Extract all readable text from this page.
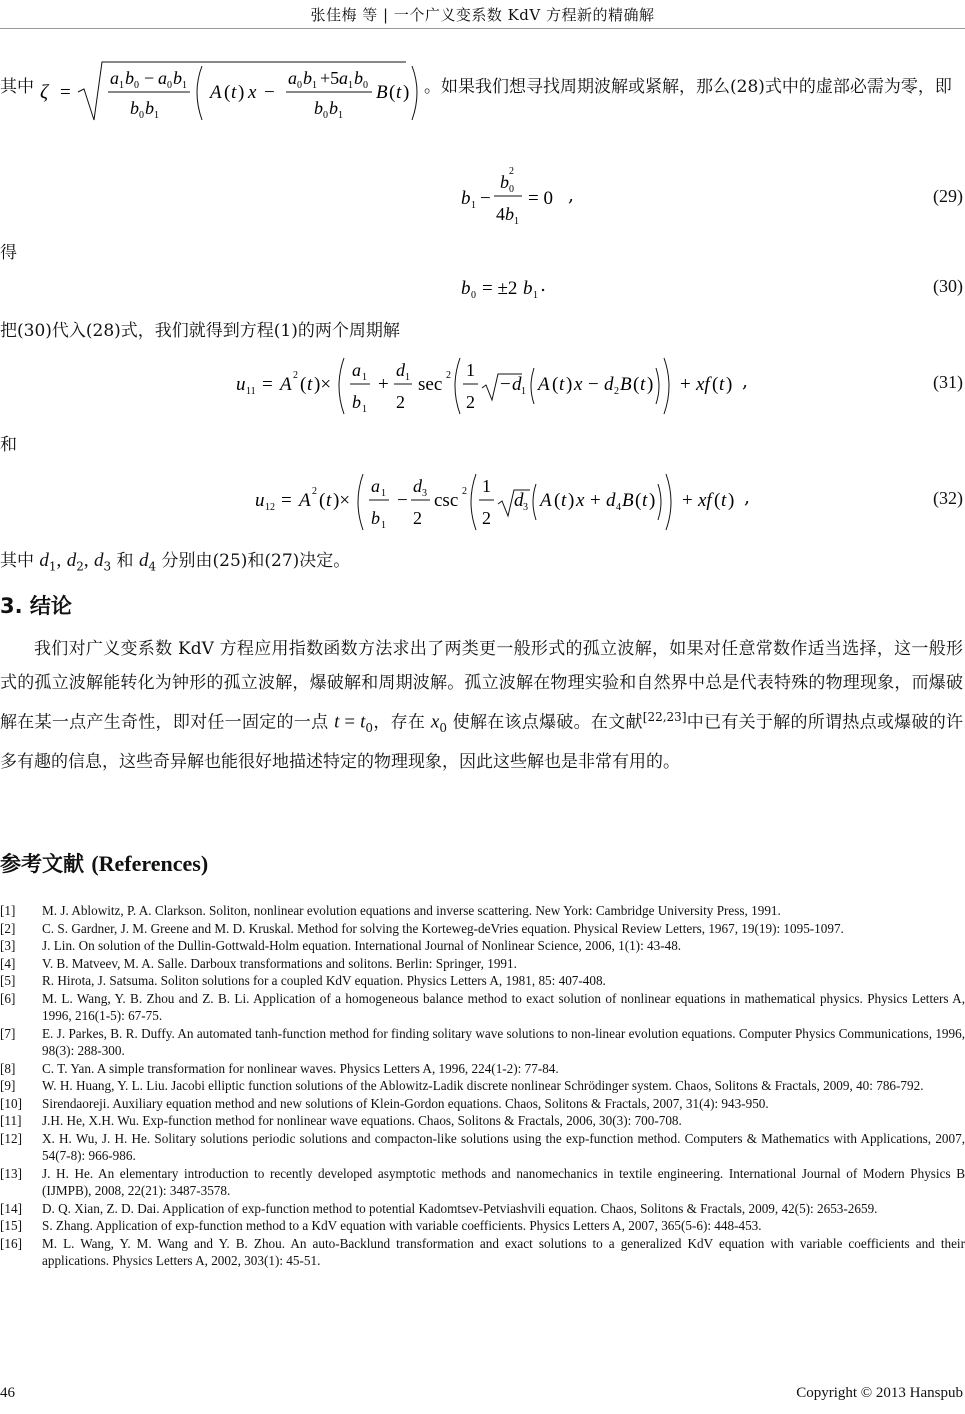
张佳梅 等 | 一个广义变系数 KdV 方程新的精确解
其中 ζ =
a 1 b 0 − a 0 b 1
b 0 b 1
A ( t ) x −
a 0 b 1 +5 a 1 b 0
b 0 b 1
B ( t ) 。如果我们想寻找周期波解或紧解，那么(28)式中的虚部必需为零，即
b 1 −
b 0
2
4 b 1
= 0 ,	(29)
得
b 0 = ±2 b 1 .	(30)
把(30)代入(28)式，我们就得到方程(1)的两个周期解
u 11 = A 2 ( t )×
a 1
b 1
+
d 1
2
sec 2 1
2
− d 1 A ( t ) x − d 2 B ( t ) + xf ( t ) ,	(31)
和
u 12 = A 2 ( t )×
a 1
b 1
−
d 3
2
csc 2 1
2
d 3 A ( t ) x + d 4 B ( t ) + xf ( t ) ,	(32)
其中 $d_1$, $d_2$, $d_3$ 和 $d_4$ 分别由(25)和(27)决定。
3. 结论
我们对广义变系数 KdV 方程应用指数函数方法求出了两类更一般形式的孤立波解，如果对任意常数作适当选择，这一般形式的孤立波解能转化为钟形的孤立波解，爆破解和周期波解。孤立波解在物理实验和自然界中总是代表特殊的物理现象，而爆破解在某一点产生奇性，即对任一固定的一点 $t = t_0$，存在 $x_0$ 使解在该点爆破。在文献[22,23]中已有关于解的所谓热点或爆破的许多有趣的信息，这些奇异解也能很好地描述特定的物理现象，因此这些解也是非常有用的。
参考文献 (References)
[1] M. J. Ablowitz, P. A. Clarkson. Soliton, nonlinear evolution equations and inverse scattering. New York: Cambridge University Press, 1991.
[2] C. S. Gardner, J. M. Greene and M. D. Kruskal. Method for solving the Korteweg-deVries equation. Physical Review Letters, 1967, 19(19): 1095-1097.
[3] J. Lin. On solution of the Dullin-Gottwald-Holm equation. International Journal of Nonlinear Science, 2006, 1(1): 43-48.
[4] V. B. Matveev, M. A. Salle. Darboux transformations and solitons. Berlin: Springer, 1991.
[5] R. Hirota, J. Satsuma. Soliton solutions for a coupled KdV equation. Physics Letters A, 1981, 85: 407-408.
[6] M. L. Wang, Y. B. Zhou and Z. B. Li. Application of a homogeneous balance method to exact solution of nonlinear equations in mathematical physics. Physics Letters A, 1996, 216(1-5): 67-75.
[7] E. J. Parkes, B. R. Duffy. An automated tanh-function method for finding solitary wave solutions to non-linear evolution equations. Computer Physics Communications, 1996, 98(3): 288-300.
[8] C. T. Yan. A simple transformation for nonlinear waves. Physics Letters A, 1996, 224(1-2): 77-84.
[9] W. H. Huang, Y. L. Liu. Jacobi elliptic function solutions of the Ablowitz-Ladik discrete nonlinear Schrödinger system. Chaos, Solitons & Fractals, 2009, 40: 786-792.
[10] Sirendaoreji. Auxiliary equation method and new solutions of Klein-Gordon equations. Chaos, Solitons & Fractals, 2007, 31(4): 943-950.
[11] J.H. He, X.H. Wu. Exp-function method for nonlinear wave equations. Chaos, Solitons & Fractals, 2006, 30(3): 700-708.
[12] X. H. Wu, J. H. He. Solitary solutions periodic solutions and compacton-like solutions using the exp-function method. Computers & Mathematics with Applications, 2007, 54(7-8): 966-986.
[13] J. H. He. An elementary introduction to recently developed asymptotic methods and nanomechanics in textile engineering. International Journal of Modern Physics B (IJMPB), 2008, 22(21): 3487-3578.
[14] D. Q. Xian, Z. D. Dai. Application of exp-function method to potential Kadomtsev-Petviashvili equation. Chaos, Solitons & Fractals, 2009, 42(5): 2653-2659.
[15] S. Zhang. Application of exp-function method to a KdV equation with variable coefficients. Physics Letters A, 2007, 365(5-6): 448-453.
[16] M. L. Wang, Y. M. Wang and Y. B. Zhou. An auto-Backlund transformation and exact solutions to a generalized KdV equation with variable coefficients and their applications. Physics Letters A, 2002, 303(1): 45-51.
46	Copyright © 2013 Hanspub
